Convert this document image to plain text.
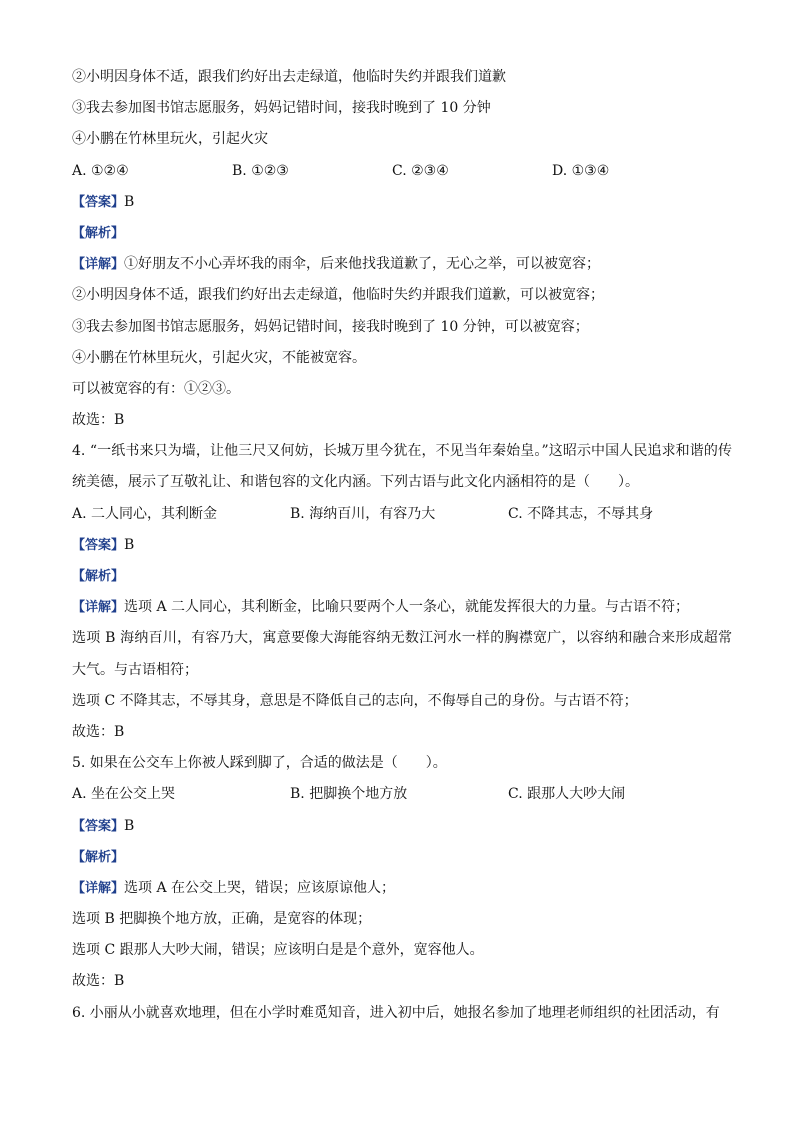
②小明因身体不适，跟我们约好出去走绿道，他临时失约并跟我们道歉
③我去参加图书馆志愿服务，妈妈记错时间，接我时晚到了 10 分钟
④小鹏在竹林里玩火，引起火灾
A. ①②④	B. ①②③	C. ②③④	D. ①③④
【答案】B
【解析】
【详解】①好朋友不小心弄坏我的雨伞，后来他找我道歉了，无心之举，可以被宽容；
②小明因身体不适，跟我们约好出去走绿道，他临时失约并跟我们道歉，可以被宽容；
③我去参加图书馆志愿服务，妈妈记错时间，接我时晚到了 10 分钟，可以被宽容；
④小鹏在竹林里玩火，引起火灾，不能被宽容。
可以被宽容的有：①②③。
故选：B
4. “一纸书来只为墙，让他三尺又何妨，长城万里今犹在，不见当年秦始皇。”这昭示中国人民追求和谐的传统美德，展示了互敬礼让、和谐包容的文化内涵。下列古语与此文化内涵相符的是（　　）。
A. 二人同心，其利断金	B. 海纳百川，有容乃大	C. 不降其志，不辱其身
【答案】B
【解析】
【详解】选项 A 二人同心，其利断金，比喻只要两个人一条心，就能发挥很大的力量。与古语不符；
选项 B 海纳百川，有容乃大，寓意要像大海能容纳无数江河水一样的胸襟宽广，以容纳和融合来形成超常大气。与古语相符；
选项 C 不降其志，不辱其身，意思是不降低自己的志向，不侮辱自己的身份。与古语不符；
故选：B
5. 如果在公交车上你被人踩到脚了，合适的做法是（　　）。
A. 坐在公交上哭	B. 把脚换个地方放	C. 跟那人大吵大闹
【答案】B
【解析】
【详解】选项 A 在公交上哭，错误；应该原谅他人；
选项 B 把脚换个地方放，正确，是宽容的体现；
选项 C 跟那人大吵大闹，错误；应该明白是是个意外，宽容他人。
故选：B
6. 小丽从小就喜欢地理，但在小学时难觅知音，进入初中后，她报名参加了地理老师组织的社团活动，有
